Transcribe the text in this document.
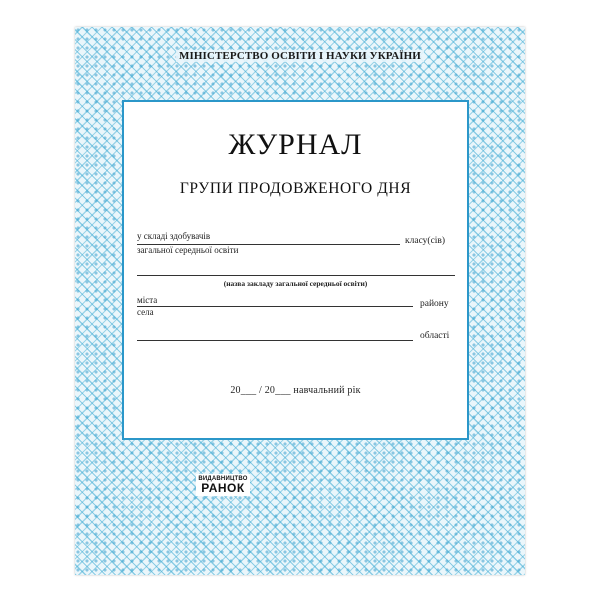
МІНІСТЕРСТВО ОСВІТИ І НАУКИ УКРАЇНИ
ЖУРНАЛ
ГРУПИ ПРОДОВЖЕНОГО ДНЯ
у складі здобувачів	класу(сів)
загальної середньої освіти
(назва закладу загальної середньої освіти)
міста
села
району
області
20___ / 20___ навчальний рік
ВИДАВНИЦТВО
РАНОК
